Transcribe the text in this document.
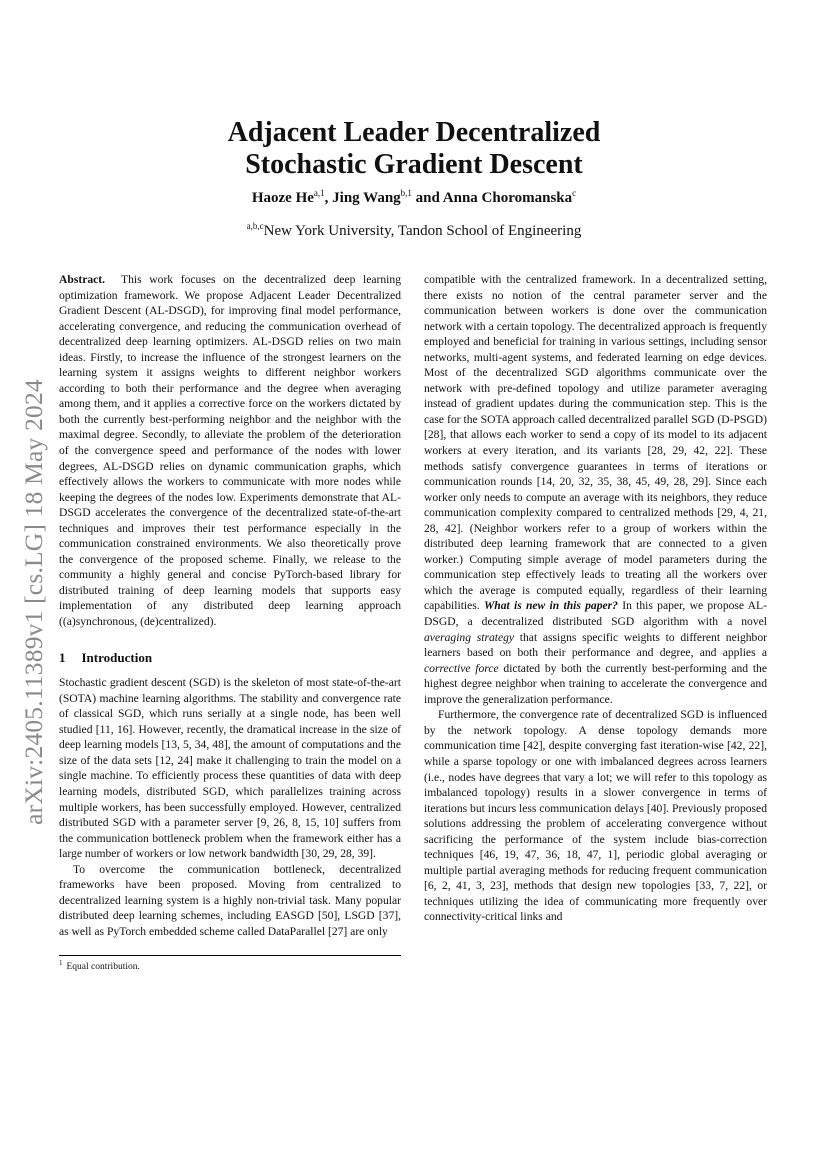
arXiv:2405.11389v1 [cs.LG] 18 May 2024
Adjacent Leader Decentralized
Stochastic Gradient Descent
Haoze He$^{a,1}$, Jing Wang$^{b,1}$ and Anna Choromanska$^c$
$^{a,b,c}$New York University, Tandon School of Engineering

Abstract. This work focuses on the decentralized deep learning optimization framework. We propose Adjacent Leader Decentralized Gradient Descent (AL-DSGD), for improving final model performance, accelerating convergence, and reducing the communication overhead of decentralized deep learning optimizers. AL-DSGD relies on two main ideas. Firstly, to increase the influence of the strongest learners on the learning system it assigns weights to different neighbor workers according to both their performance and the degree when averaging among them, and it applies a corrective force on the workers dictated by both the currently best-performing neighbor and the neighbor with the maximal degree. Secondly, to alleviate the problem of the deterioration of the convergence speed and performance of the nodes with lower degrees, AL-DSGD relies on dynamic communication graphs, which effectively allows the workers to communicate with more nodes while keeping the degrees of the nodes low. Experiments demonstrate that AL-DSGD accelerates the convergence of the decentralized state-of-the-art techniques and improves their test performance especially in the communication constrained environments. We also theoretically prove the convergence of the proposed scheme. Finally, we release to the community a highly general and concise PyTorch-based library for distributed training of deep learning models that supports easy implementation of any distributed deep learning approach ((a)synchronous, (de)centralized).

1 Introduction

Stochastic gradient descent (SGD) is the skeleton of most state-of-the-art (SOTA) machine learning algorithms. The stability and convergence rate of classical SGD, which runs serially at a single node, has been well studied [11, 16]. However, recently, the dramatical increase in the size of deep learning models [13, 5, 34, 48], the amount of computations and the size of the data sets [12, 24] make it challenging to train the model on a single machine. To efficiently process these quantities of data with deep learning models, distributed SGD, which parallelizes training across multiple workers, has been successfully employed. However, centralized distributed SGD with a parameter server [9, 26, 8, 15, 10] suffers from the communication bottleneck problem when the framework either has a large number of workers or low network bandwidth [30, 29, 28, 39].

To overcome the communication bottleneck, decentralized frameworks have been proposed. Moving from centralized to decentralized learning system is a highly non-trivial task. Many popular distributed deep learning schemes, including EASGD [50], LSGD [37], as well as PyTorch embedded scheme called DataParallel [27] are only

compatible with the centralized framework. In a decentralized setting, there exists no notion of the central parameter server and the communication between workers is done over the communication network with a certain topology. The decentralized approach is frequently employed and beneficial for training in various settings, including sensor networks, multi-agent systems, and federated learning on edge devices. Most of the decentralized SGD algorithms communicate over the network with pre-defined topology and utilize parameter averaging instead of gradient updates during the communication step. This is the case for the SOTA approach called decentralized parallel SGD (D-PSGD) [28], that allows each worker to send a copy of its model to its adjacent workers at every iteration, and its variants [28, 29, 42, 22]. These methods satisfy convergence guarantees in terms of iterations or communication rounds [14, 20, 32, 35, 38, 45, 49, 28, 29]. Since each worker only needs to compute an average with its neighbors, they reduce communication complexity compared to centralized methods [29, 4, 21, 28, 42]. (Neighbor workers refer to a group of workers within the distributed deep learning framework that are connected to a given worker.) Computing simple average of model parameters during the communication step effectively leads to treating all the workers over which the average is computed equally, regardless of their learning capabilities. What is new in this paper? In this paper, we propose AL-DSGD, a decentralized distributed SGD algorithm with a novel averaging strategy that assigns specific weights to different neighbor learners based on both their performance and degree, and applies a corrective force dictated by both the currently best-performing and the highest degree neighbor when training to accelerate the convergence and improve the generalization performance.

Furthermore, the convergence rate of decentralized SGD is influenced by the network topology. A dense topology demands more communication time [42], despite converging fast iteration-wise [42, 22], while a sparse topology or one with imbalanced degrees across learners (i.e., nodes have degrees that vary a lot; we will refer to this topology as imbalanced topology) results in a slower convergence in terms of iterations but incurs less communication delays [40]. Previously proposed solutions addressing the problem of accelerating convergence without sacrificing the performance of the system include bias-correction techniques [46, 19, 47, 36, 18, 47, 1], periodic global averaging or multiple partial averaging methods for reducing frequent communication [6, 2, 41, 3, 23], methods that design new topologies [33, 7, 22], or techniques utilizing the idea of communicating more frequently over connectivity-critical links and

$^1$ Equal contribution.
